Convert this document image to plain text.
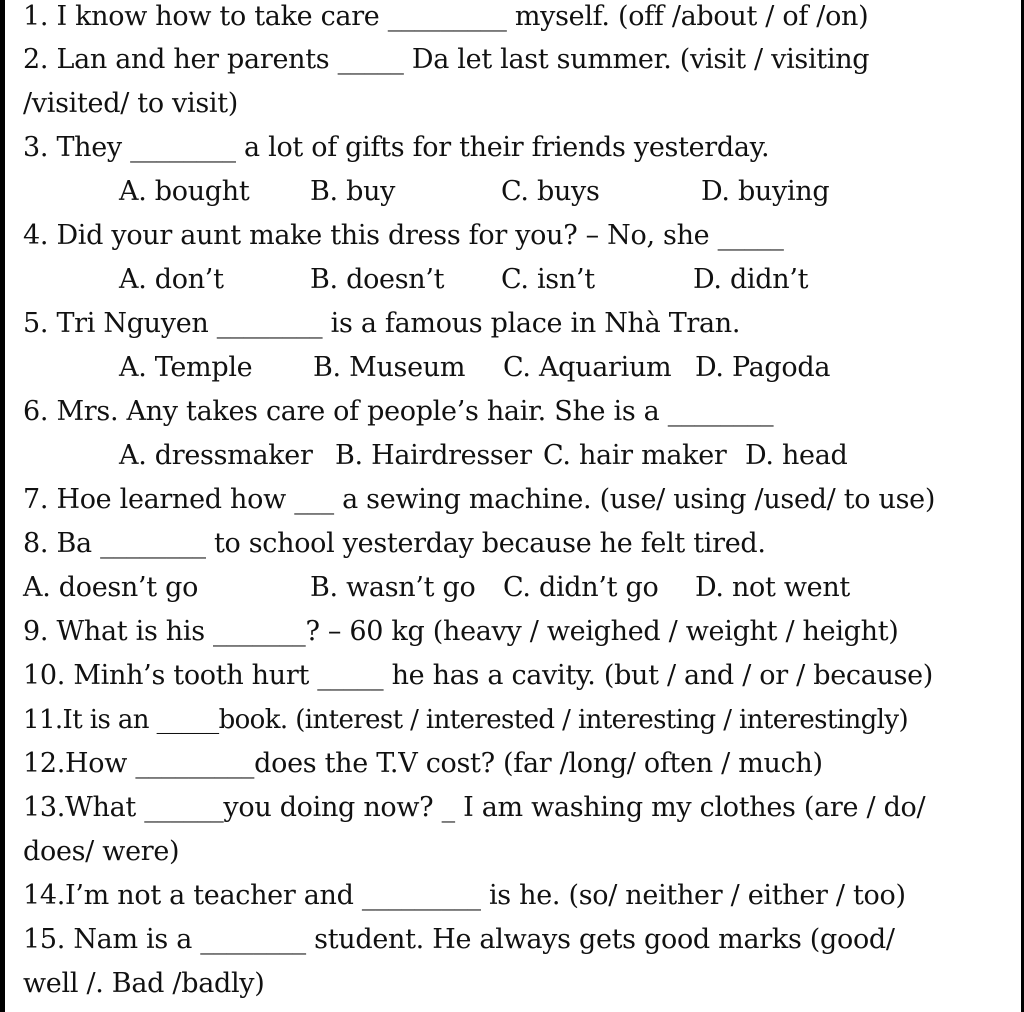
1. I know how to take care _________ myself. (off /about / of /on)
2. Lan and her parents _____ Da let last summer. (visit / visiting
/visited/ to visit)
3. They ________ a lot of gifts for their friends yesterday.
A. bought B. buy	C. buys	D. buying
4. Did your aunt make this dress for you? – No, she _____
A. don’t	B. doesn’t C. isn’t	D. didn’t
5. Tri Nguyen ________ is a famous place in Nhà Tran.
A. Temple B. Museum C. Aquarium D. Pagoda
6. Mrs. Any takes care of people’s hair. She is a ________
A. dressmaker B. Hairdresser C. hair maker D. head
7. Hoe learned how ___ a sewing machine. (use/ using /used/ to use)
8. Ba ________ to school yesterday because he felt tired.
A. doesn’t go	B. wasn’t go C. didn’t go D. not went
9. What is his _______? – 60 kg (heavy / weighed / weight / height)
10. Minh’s tooth hurt _____ he has a cavity. (but / and / or / because)
11.It is an _____book. (interest / interested / interesting / interestingly)
12.How _________does the T.V cost? (far /long/ often / much)
13.What ______you doing now? _ I am washing my clothes (are / do/
does/ were)
14.I’m not a teacher and _________ is he. (so/ neither / either / too)
15. Nam is a ________ student. He always gets good marks (good/
well /. Bad /badly)
